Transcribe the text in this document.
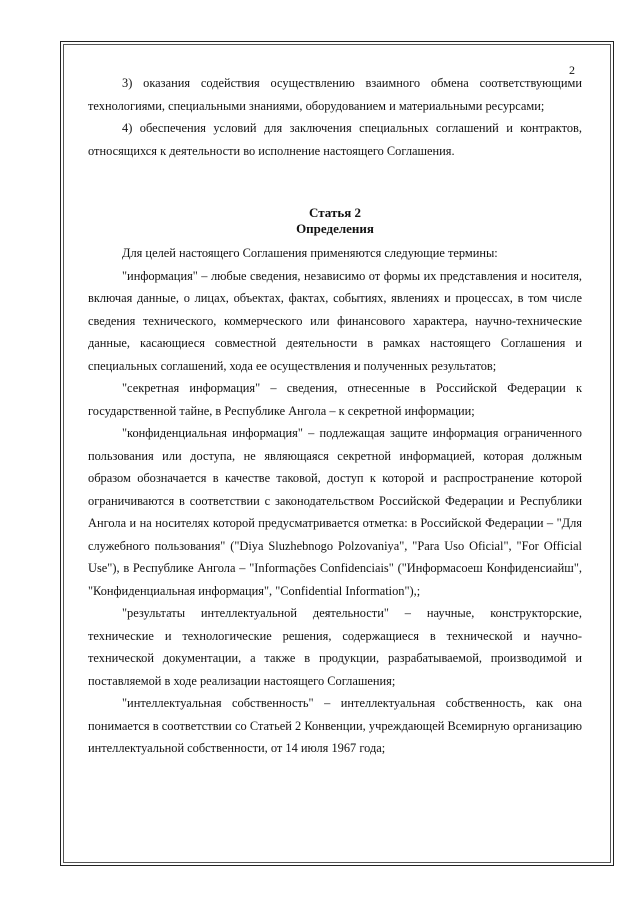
2

3) оказания содействия осуществлению взаимного обмена соответствующими технологиями, специальными знаниями, оборудованием и материальными ресурсами;

4) обеспечения условий для заключения специальных соглашений и контрактов, относящихся к деятельности во исполнение настоящего Соглашения.

Статья 2
Определения

Для целей настоящего Соглашения применяются следующие термины:

"информация" – любые сведения, независимо от формы их представления и носителя, включая данные, о лицах, объектах, фактах, событиях, явлениях и процессах, в том числе сведения технического, коммерческого или финансового характера, научно-технические данные, касающиеся совместной деятельности в рамках настоящего Соглашения и специальных соглашений, хода ее осуществления и полученных результатов;

"секретная информация" – сведения, отнесенные в Российской Федерации к государственной тайне, в Республике Ангола – к секретной информации;

"конфиденциальная информация" – подлежащая защите информация ограниченного пользования или доступа, не являющаяся секретной информацией, которая должным образом обозначается в качестве таковой, доступ к которой и распространение которой ограничиваются в соответствии с законодательством Российской Федерации и Республики Ангола и на носителях которой предусматривается отметка: в Российской Федерации – "Для служебного пользования" ("Diya Sluzhebnogo Polzovaniya", "Para Uso Oficial", "For Official Use"), в Республике Ангола – "Informações Confidenciais" ("Информасоеш Конфиденсиайш", "Конфиденциальная информация", "Confidential Information"),;

"результаты интеллектуальной деятельности" – научные, конструкторские, технические и технологические решения, содержащиеся в технической и научно-технической документации, а также в продукции, разрабатываемой, производимой и поставляемой в ходе реализации настоящего Соглашения;

"интеллектуальная собственность" – интеллектуальная собственность, как она понимается в соответствии со Статьей 2 Конвенции, учреждающей Всемирную организацию интеллектуальной собственности, от 14 июля 1967 года;
